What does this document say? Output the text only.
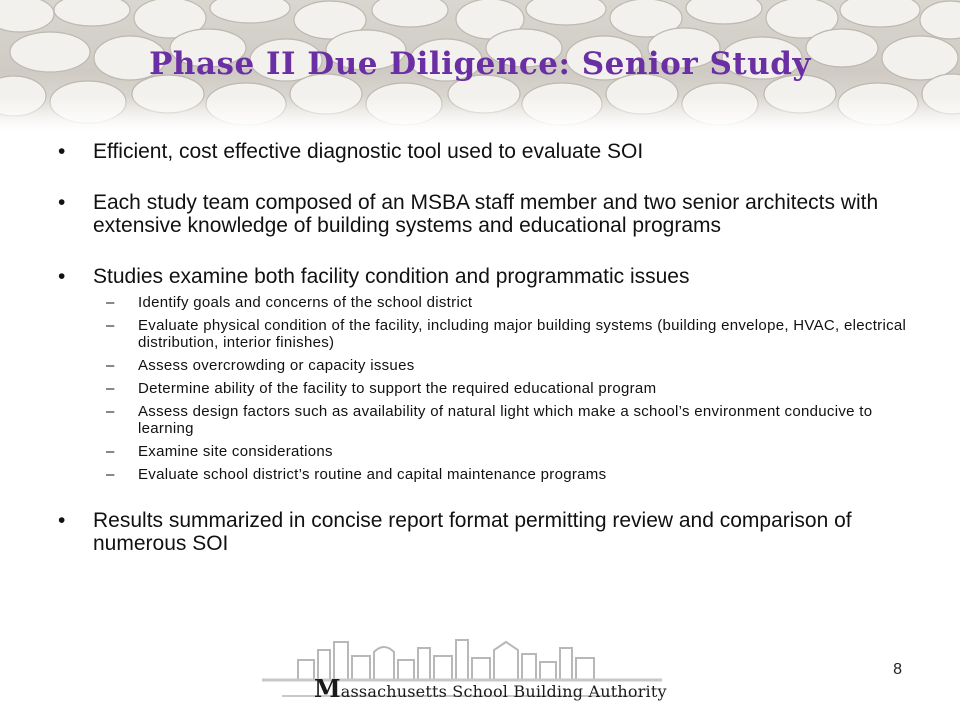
Phase II Due Diligence: Senior Study
•	Efficient, cost effective diagnostic tool used to evaluate SOI
•	Each study team composed of an MSBA staff member and two senior architects with extensive knowledge of building systems and educational programs
•	Studies examine both facility condition and programmatic issues
– Identify goals and concerns of the school district
– Evaluate physical condition of the facility, including major building systems (building envelope, HVAC, electrical distribution, interior finishes)
– Assess overcrowding or capacity issues
– Determine ability of the facility to support the required educational program
– Assess design factors such as availability of natural light which make a school’s environment conducive to learning
– Examine site considerations
– Evaluate school district’s routine and capital maintenance programs
•	Results summarized in concise report format permitting review and comparison of numerous SOI
Massachusetts School Building Authority
8
